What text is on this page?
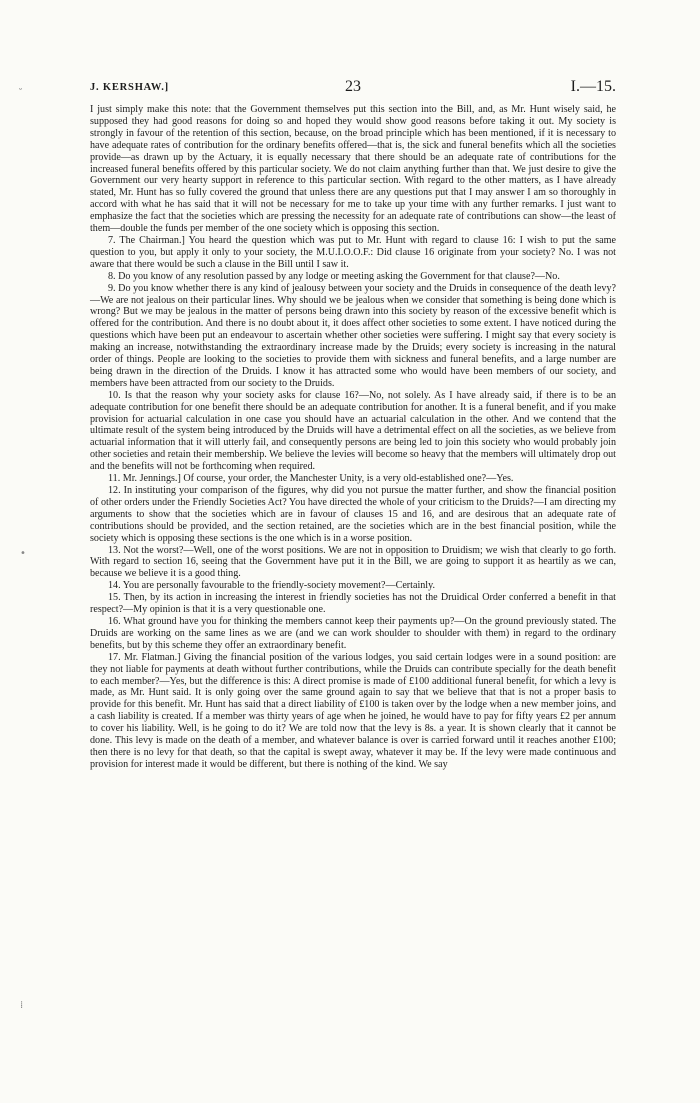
˘
•
⁞
23
J. KERSHAW.]	I.—15.

I just simply make this note: that the Government themselves put this section into the Bill, and, as Mr. Hunt wisely said, he supposed they had good reasons for doing so and hoped they would show good reasons before taking it out. My society is strongly in favour of the retention of this section, because, on the broad principle which has been mentioned, if it is necessary to have adequate rates of contribution for the ordinary benefits offered—that is, the sick and funeral benefits which all the societies provide—as drawn up by the Actuary, it is equally necessary that there should be an adequate rate of contributions for the increased funeral benefits offered by this particular society. We do not claim anything further than that. We just desire to give the Government our very hearty support in reference to this particular section. With regard to the other matters, as I have already stated, Mr. Hunt has so fully covered the ground that unless there are any questions put that I may answer I am so thoroughly in accord with what he has said that it will not be necessary for me to take up your time with any further remarks. I just want to emphasize the fact that the societies which are pressing the necessity for an adequate rate of contributions can show—the least of them—double the funds per member of the one society which is opposing this section.

7. The Chairman.] You heard the question which was put to Mr. Hunt with regard to clause 16: I wish to put the same question to you, but apply it only to your society, the M.U.I.O.O.F.: Did clause 16 originate from your society? No. I was not aware that there would be such a clause in the Bill until I saw it.

8. Do you know of any resolution passed by any lodge or meeting asking the Government for that clause?—No.

9. Do you know whether there is any kind of jealousy between your society and the Druids in consequence of the death levy?—We are not jealous on their particular lines. Why should we be jealous when we consider that something is being done which is wrong? But we may be jealous in the matter of persons being drawn into this society by reason of the excessive benefit which is offered for the contribution. And there is no doubt about it, it does affect other societies to some extent. I have noticed during the questions which have been put an endeavour to ascertain whether other societies were suffering. I might say that every society is making an increase, notwithstanding the extraordinary increase made by the Druids; every society is increasing in the natural order of things. People are looking to the societies to provide them with sickness and funeral benefits, and a large number are being drawn in the direction of the Druids. I know it has attracted some who would have been members of our society, and members have been attracted from our society to the Druids.

10. Is that the reason why your society asks for clause 16?—No, not solely. As I have already said, if there is to be an adequate contribution for one benefit there should be an adequate contribution for another. It is a funeral benefit, and if you make provision for actuarial calculation in one case you should have an actuarial calculation in the other. And we contend that the ultimate result of the system being introduced by the Druids will have a detrimental effect on all the societies, as we believe from actuarial information that it will utterly fail, and consequently persons are being led to join this society who would probably join other societies and retain their membership. We believe the levies will become so heavy that the members will ultimately drop out and the benefits will not be forthcoming when required.

11. Mr. Jennings.] Of course, your order, the Manchester Unity, is a very old-established one?—Yes.

12. In instituting your comparison of the figures, why did you not pursue the matter further, and show the financial position of other orders under the Friendly Societies Act? You have directed the whole of your criticism to the Druids?—I am directing my arguments to show that the societies which are in favour of clauses 15 and 16, and are desirous that an adequate rate of contributions should be provided, and the section retained, are the societies which are in the best financial position, while the society which is opposing these sections is the one which is in a worse position.

13. Not the worst?—Well, one of the worst positions. We are not in opposition to Druidism; we wish that clearly to go forth. With regard to section 16, seeing that the Government have put it in the Bill, we are going to support it as heartily as we can, because we believe it is a good thing.

14. You are personally favourable to the friendly-society movement?—Certainly.

15. Then, by its action in increasing the interest in friendly societies has not the Druidical Order conferred a benefit in that respect?—My opinion is that it is a very questionable one.

16. What ground have you for thinking the members cannot keep their payments up?—On the ground previously stated. The Druids are working on the same lines as we are (and we can work shoulder to shoulder with them) in regard to the ordinary benefits, but by this scheme they offer an extraordinary benefit.

17. Mr. Flatman.] Giving the financial position of the various lodges, you said certain lodges were in a sound position: are they not liable for payments at death without further contributions, while the Druids can contribute specially for the death benefit to each member?—Yes, but the difference is this: A direct promise is made of £100 additional funeral benefit, for which a levy is made, as Mr. Hunt said. It is only going over the same ground again to say that we believe that that is not a proper basis to provide for this benefit. Mr. Hunt has said that a direct liability of £100 is taken over by the lodge when a new member joins, and a cash liability is created. If a member was thirty years of age when he joined, he would have to pay for fifty years £2 per annum to cover his liability. Well, is he going to do it? We are told now that the levy is 8s. a year. It is shown clearly that it cannot be done. This levy is made on the death of a member, and whatever balance is over is carried forward until it reaches another £100; then there is no levy for that death, so that the capital is swept away, whatever it may be. If the levy were made continuous and provision for interest made it would be different, but there is nothing of the kind. We say
